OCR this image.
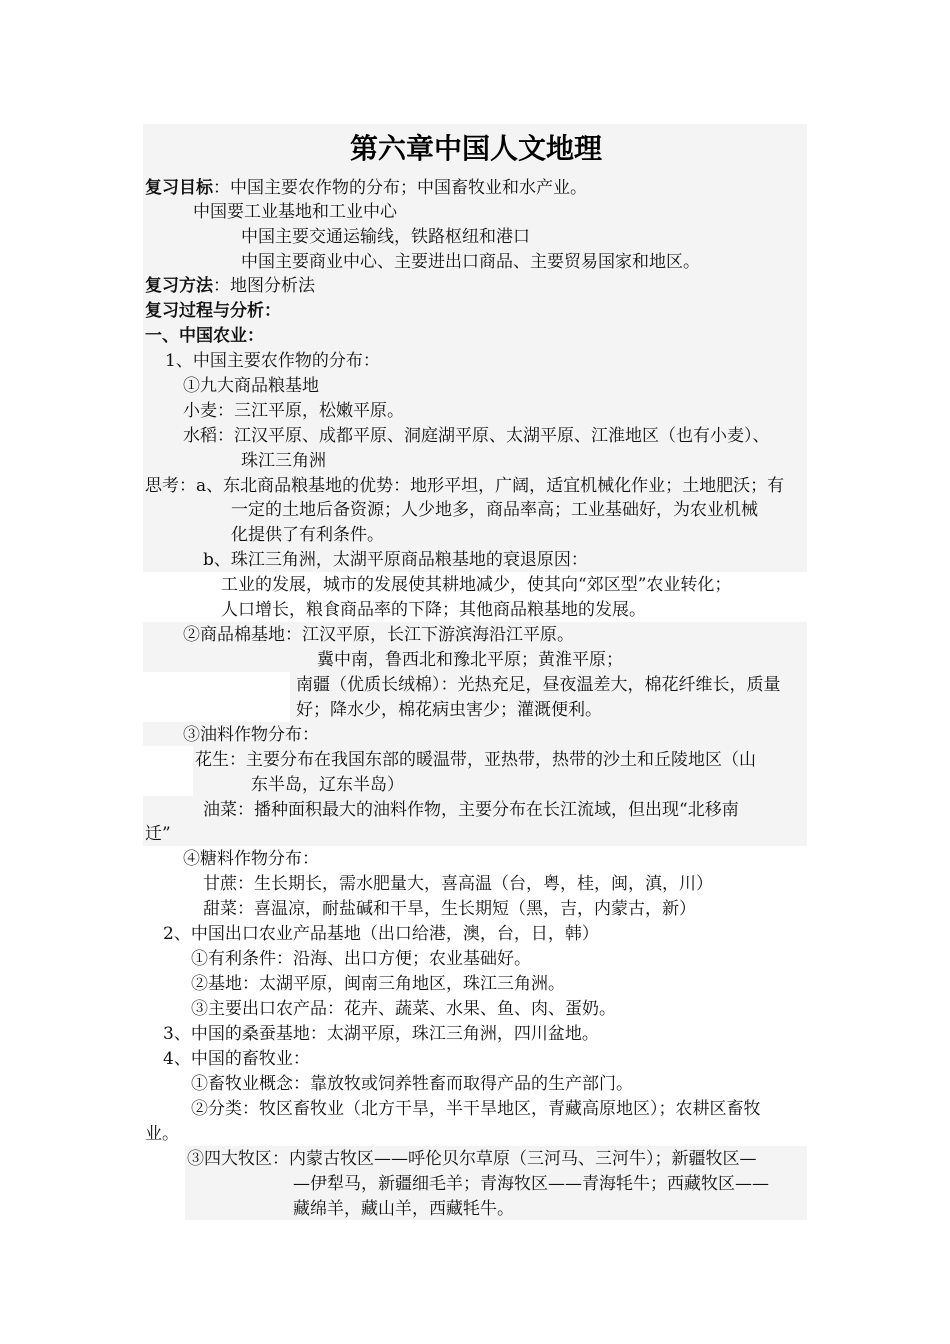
第六章中国人文地理
复习目标：中国主要农作物的分布；中国畜牧业和水产业。
中国要工业基地和工业中心
中国主要交通运输线，铁路枢纽和港口
中国主要商业中心、主要进出口商品、主要贸易国家和地区。
复习方法：地图分析法
复习过程与分析：
一、中国农业：
1、中国主要农作物的分布：
①九大商品粮基地
小麦：三江平原，松嫩平原。
水稻：江汉平原、成都平原、洞庭湖平原、太湖平原、江淮地区（也有小麦）、
珠江三角洲
思考：a、东北商品粮基地的优势：地形平坦，广阔，适宜机械化作业；土地肥沃；有
一定的土地后备资源；人少地多，商品率高；工业基础好，为农业机械
化提供了有利条件。
b、珠江三角洲，太湖平原商品粮基地的衰退原因：
工业的发展，城市的发展使其耕地减少，使其向“郊区型”农业转化；
人口增长，粮食商品率的下降；其他商品粮基地的发展。
②商品棉基地：江汉平原，长江下游滨海沿江平原。
冀中南，鲁西北和豫北平原；黄淮平原；
南疆（优质长绒棉）：光热充足，昼夜温差大，棉花纤维长，质量
好；降水少，棉花病虫害少；灌溉便利。
③油料作物分布：
花生：主要分布在我国东部的暖温带，亚热带，热带的沙土和丘陵地区（山
东半岛，辽东半岛）
油菜：播种面积最大的油料作物，主要分布在长江流域，但出现“北移南
迁”
④糖料作物分布：
甘蔗：生长期长，需水肥量大，喜高温（台，粤，桂，闽，滇，川）
甜菜：喜温凉，耐盐碱和干旱，生长期短（黑，吉，内蒙古，新）
2、中国出口农业产品基地（出口给港，澳，台，日，韩）
①有利条件：沿海、出口方便；农业基础好。
②基地：太湖平原，闽南三角地区，珠江三角洲。
③主要出口农产品：花卉、蔬菜、水果、鱼、肉、蛋奶。
3、中国的桑蚕基地：太湖平原，珠江三角洲，四川盆地。
4、中国的畜牧业：
①畜牧业概念：靠放牧或饲养牲畜而取得产品的生产部门。
②分类：牧区畜牧业（北方干旱，半干旱地区，青藏高原地区）；农耕区畜牧
业。
③四大牧区：内蒙古牧区——呼伦贝尔草原（三河马、三河牛）；新疆牧区—
—伊犁马，新疆细毛羊；青海牧区——青海牦牛；西藏牧区——
藏绵羊，藏山羊，西藏牦牛。
